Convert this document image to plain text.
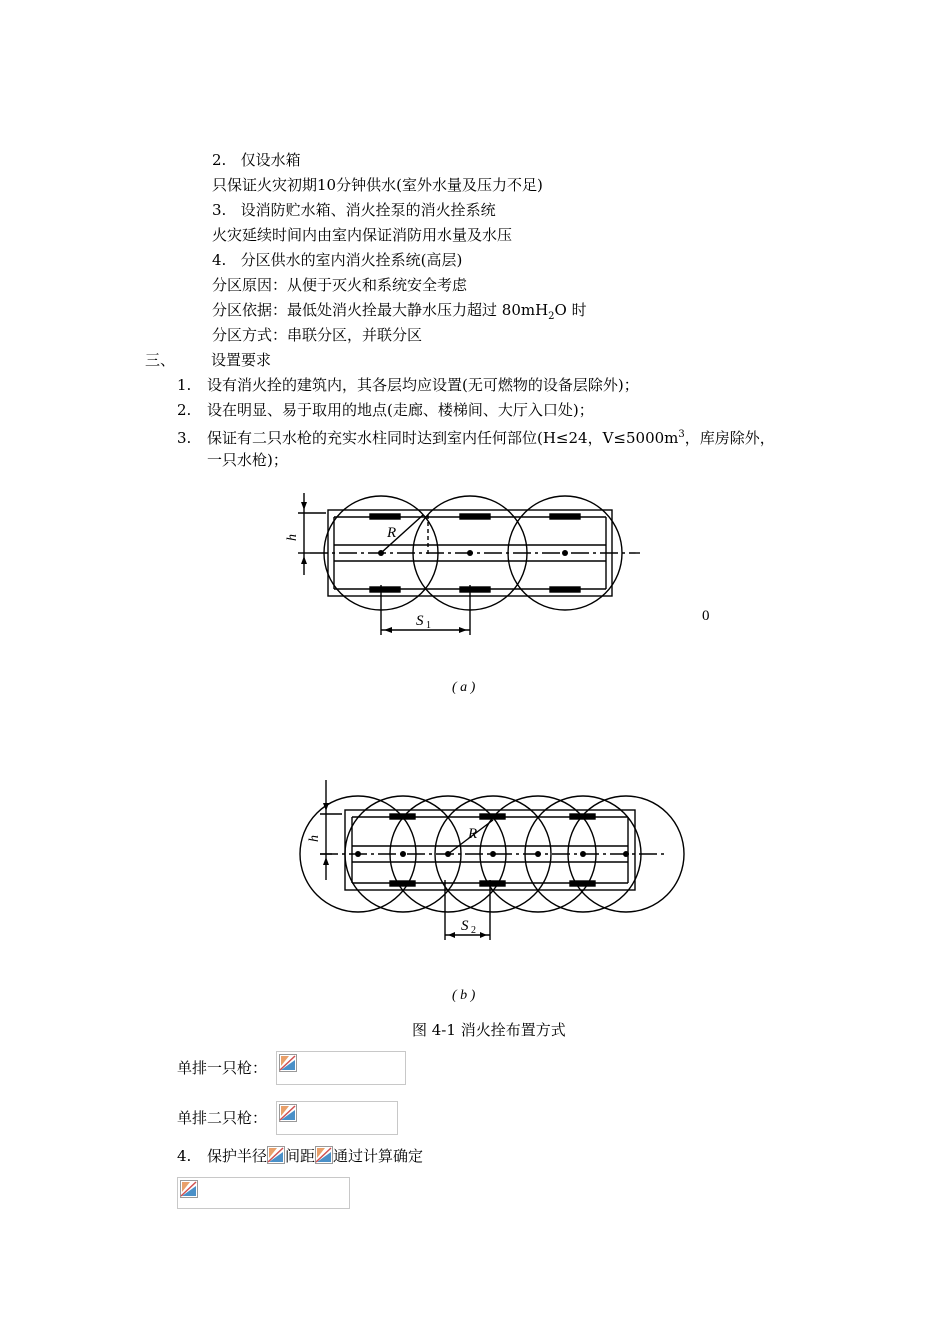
2. 仅设水箱
只保证火灾初期10分钟供水(室外水量及压力不足)
3. 设消防贮水箱、消火拴泵的消火拴系统
火灾延续时间内由室内保证消防用水量及水压
4. 分区供水的室内消火拴系统(高层)
分区原因：从便于灭火和系统安全考虑
分区依据：最低处消火拴最大静水压力超过 $80mH_2O$ 时
分区方式：串联分区，并联分区
三、 设置要求
1. 设有消火拴的建筑内，其各层均应设置(无可燃物的设备层除外)；
2. 设在明显、易于取用的地点(走廊、楼梯间、大厅入口处)；
3. 保证有二只水枪的充实水柱同时达到室内任何部位(H≤24，$V\le 5000m^3$，库房除外，
一只水枪)；
h	R
S 1
0
( a )
h	R
S 2
( b )
图 4-1 消火拴布置方式
单排一只枪：
单排二只枪：
4. 保护半径 间距 通过计算确定
